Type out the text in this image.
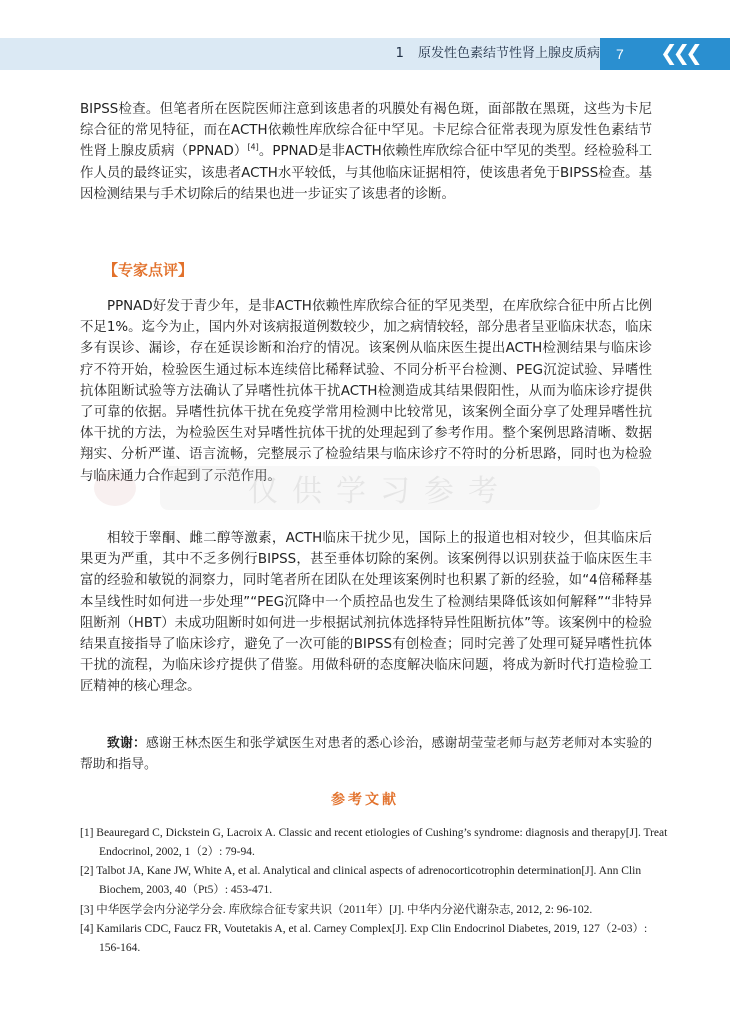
1 原发性色素结节性肾上腺皮质病 7 ❮❮❮

BIPSS检查。但笔者所在医院医师注意到该患者的巩膜处有褐色斑，面部散在黑斑，这些为卡尼综合征的常见特征，而在ACTH依赖性库欣综合征中罕见。卡尼综合征常表现为原发性色素结节性肾上腺皮质病（PPNAD）[4]。PPNAD是非ACTH依赖性库欣综合征中罕见的类型。经检验科工作人员的最终证实，该患者ACTH水平较低，与其他临床证据相符，使该患者免于BIPSS检查。基因检测结果与手术切除后的结果也进一步证实了该患者的诊断。

【专家点评】

PPNAD好发于青少年，是非ACTH依赖性库欣综合征的罕见类型，在库欣综合征中所占比例不足1%。迄今为止，国内外对该病报道例数较少，加之病情较轻，部分患者呈亚临床状态，临床多有误诊、漏诊，存在延误诊断和治疗的情况。该案例从临床医生提出ACTH检测结果与临床诊疗不符开始，检验医生通过标本连续倍比稀释试验、不同分析平台检测、PEG沉淀试验、异嗜性抗体阻断试验等方法确认了异嗜性抗体干扰ACTH检测造成其结果假阳性，从而为临床诊疗提供了可靠的依据。异嗜性抗体干扰在免疫学常用检测中比较常见，该案例全面分享了处理异嗜性抗体干扰的方法，为检验医生对异嗜性抗体干扰的处理起到了参考作用。整个案例思路清晰、数据翔实、分析严谨、语言流畅，完整展示了检验结果与临床诊疗不符时的分析思路，同时也为检验与临床通力合作起到了示范作用。

相较于睾酮、雌二醇等激素，ACTH临床干扰少见，国际上的报道也相对较少，但其临床后果更为严重，其中不乏多例行BIPSS，甚至垂体切除的案例。该案例得以识别获益于临床医生丰富的经验和敏锐的洞察力，同时笔者所在团队在处理该案例时也积累了新的经验，如“4倍稀释基本呈线性时如何进一步处理”“PEG沉降中一个质控品也发生了检测结果降低该如何解释”“非特异阻断剂（HBT）未成功阻断时如何进一步根据试剂抗体选择特异性阻断抗体”等。该案例中的检验结果直接指导了临床诊疗，避免了一次可能的BIPSS有创检查；同时完善了处理可疑异嗜性抗体干扰的流程，为临床诊疗提供了借鉴。用做科研的态度解决临床问题，将成为新时代打造检验工匠精神的核心理念。

致谢：感谢王林杰医生和张学斌医生对患者的悉心诊治，感谢胡莹莹老师与赵芳老师对本实验的帮助和指导。

参考文献

[1] Beauregard C, Dickstein G, Lacroix A. Classic and recent etiologies of Cushing’s syndrome: diagnosis and therapy[J]. Treat Endocrinol, 2002, 1（2）: 79-94.

[2] Talbot JA, Kane JW, White A, et al. Analytical and clinical aspects of adrenocorticotrophin determination[J]. Ann Clin Biochem, 2003, 40（Pt5）: 453-471.

[3] 中华医学会内分泌学分会. 库欣综合征专家共识（2011年）[J]. 中华内分泌代谢杂志, 2012, 2: 96-102.

[4] Kamilaris CDC, Faucz FR, Voutetakis A, et al. Carney Complex[J]. Exp Clin Endocrinol Diabetes, 2019, 127（2-03）: 156-164.

仅供学习参考
